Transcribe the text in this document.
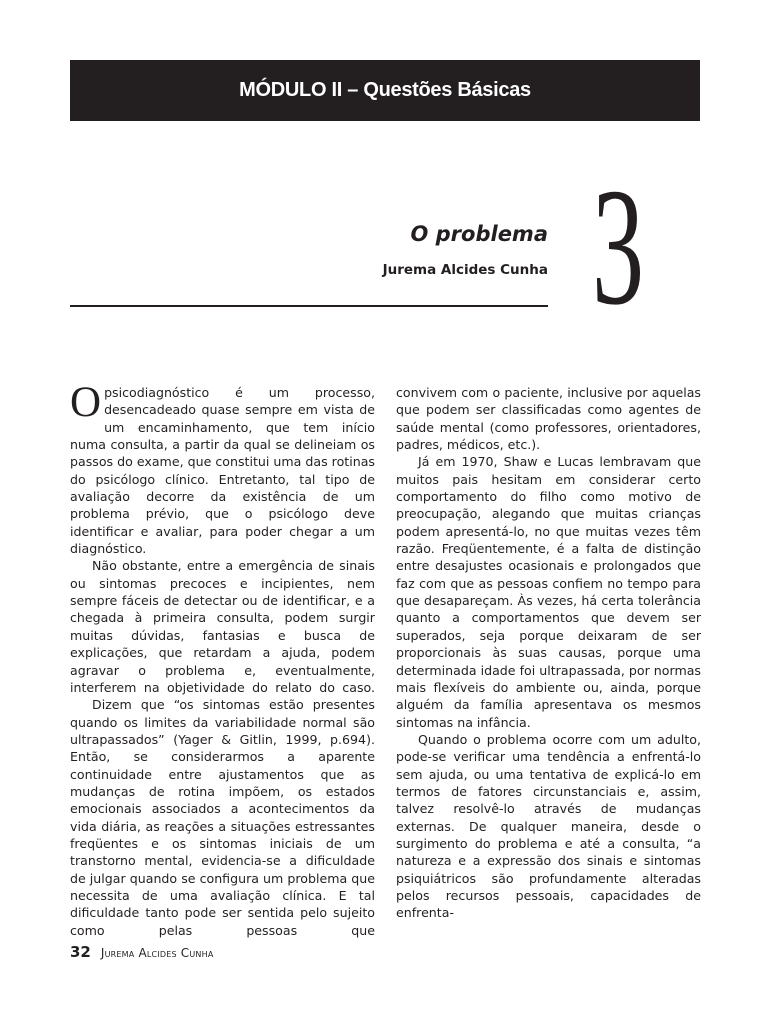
MÓDULO II – Questões Básicas
O problema
Jurema Alcides Cunha 3

Opsicodiagnóstico é um processo, desencadeado quase sempre em vista de um encaminhamento, que tem início numa consulta, a partir da qual se delineiam os passos do exame, que constitui uma das rotinas do psicólogo clínico. Entretanto, tal tipo de avaliação decorre da existência de um problema prévio, que o psicólogo deve identificar e avaliar, para poder chegar a um diagnóstico.

Não obstante, entre a emergência de sinais ou sintomas precoces e incipientes, nem sempre fáceis de detectar ou de identificar, e a chegada à primeira consulta, podem surgir muitas dúvidas, fantasias e busca de explicações, que retardam a ajuda, podem agravar o problema e, eventualmente, interferem na objetividade do relato do caso.

Dizem que “os sintomas estão presentes quando os limites da variabilidade normal são ultrapassados” (Yager & Gitlin, 1999, p.694). Então, se considerarmos a aparente continuidade entre ajustamentos que as mudanças de rotina impõem, os estados emocionais associados a acontecimentos da vida diária, as reações a situações estressantes freqüentes e os sintomas iniciais de um transtorno mental, evidencia-se a dificuldade de julgar quando se configura um problema que necessita de uma avaliação clínica. E tal dificuldade tanto pode ser sentida pelo sujeito como pelas pessoas que

convivem com o paciente, inclusive por aquelas que podem ser classificadas como agentes de saúde mental (como professores, orientadores, padres, médicos, etc.).

Já em 1970, Shaw e Lucas lembravam que muitos pais hesitam em considerar certo comportamento do filho como motivo de preocupação, alegando que muitas crianças podem apresentá-lo, no que muitas vezes têm razão. Freqüentemente, é a falta de distinção entre desajustes ocasionais e prolongados que faz com que as pessoas confiem no tempo para que desapareçam. Às vezes, há certa tolerância quanto a comportamentos que devem ser superados, seja porque deixaram de ser proporcionais às suas causas, porque uma determinada idade foi ultrapassada, por normas mais flexíveis do ambiente ou, ainda, porque alguém da família apresentava os mesmos sintomas na infância.

Quando o problema ocorre com um adulto, pode-se verificar uma tendência a enfrentá-lo sem ajuda, ou uma tentativa de explicá-lo em termos de fatores circunstanciais e, assim, talvez resolvê-lo através de mudanças externas. De qualquer maneira, desde o surgimento do problema e até a consulta, “a natureza e a expressão dos sinais e sintomas psiquiátricos são profundamente alteradas pelos recursos pessoais, capacidades de enfrenta-

32 Jurema Alcides Cunha
